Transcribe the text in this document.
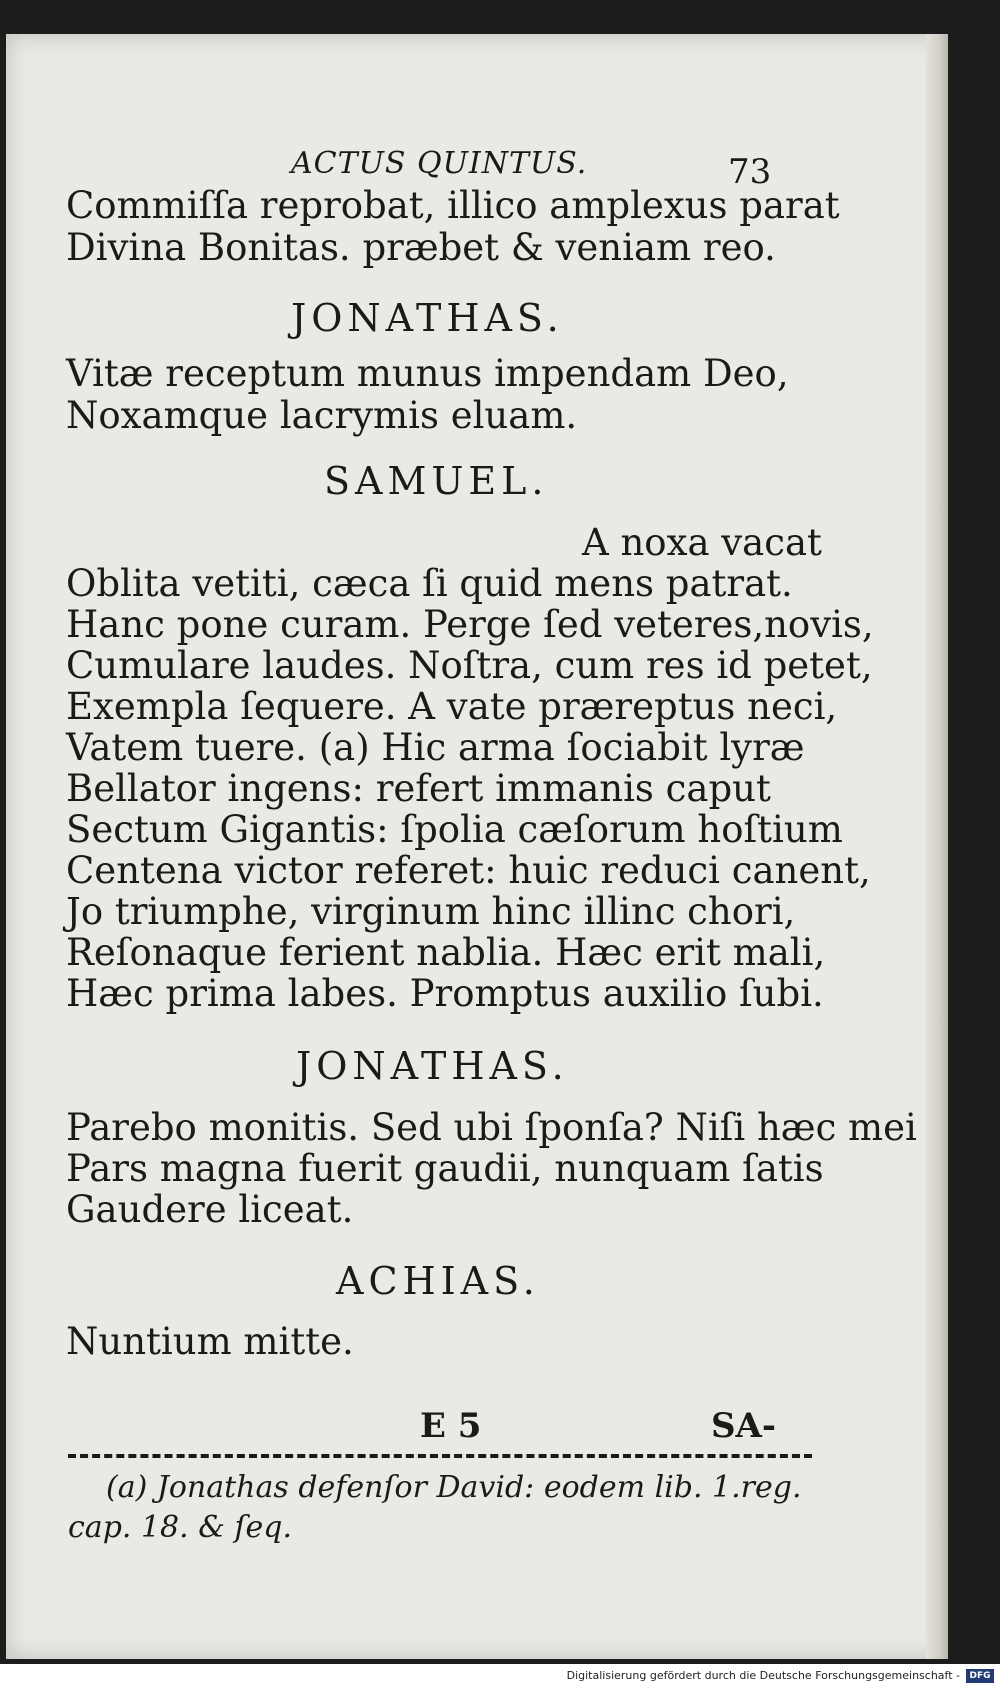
ACTUS QUINTUS.	73
Commiſſa reprobat, illico amplexus parat
Divina Bonitas. præbet & veniam reo.
JONATHAS.
Vitæ receptum munus impendam Deo,
Noxamque lacrymis eluam.
SAMUEL.
A noxa vacat
Oblita vetiti, cæca ſi quid mens patrat.
Hanc pone curam. Perge ſed veteres,novis,
Cumulare laudes. Noſtra, cum res id petet,
Exempla ſequere. A vate præreptus neci,
Vatem tuere. (a) Hic arma ſociabit lyræ
Bellator ingens: refert immanis caput
Sectum Gigantis: ſpolia cæſorum hoſtium
Centena victor referet: huic reduci canent,
Jo triumphe, virginum hinc illinc chori,
Reſonaque ferient nablia. Hæc erit mali,
Hæc prima labes. Promptus auxilio ſubi.
JONATHAS.
Parebo monitis. Sed ubi ſponſa? Niſi hæc mei
Pars magna fuerit gaudii, nunquam ſatis
Gaudere liceat.
ACHIAS.
Nuntium mitte.
E 5	SA-
(a) Jonathas defenſor David: eodem lib. 1.reg.
cap. 18. & ſeq.
Digitalisierung gefördert durch die Deutsche Forschungsgemeinschaft -	DFG
